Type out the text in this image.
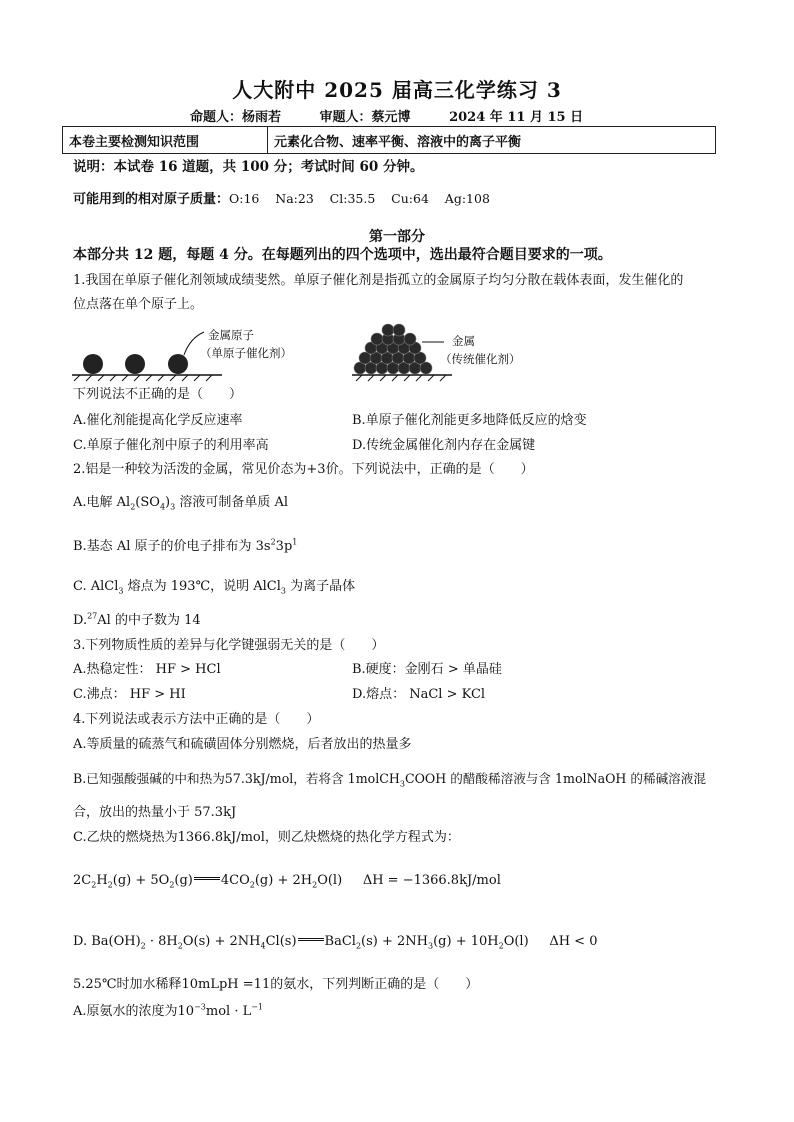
人大附中 2025 届高三化学练习 3
命题人：杨雨若	审题人：蔡元博	2024 年 11 月 15 日
本卷主要检测知识范围	元素化合物、速率平衡、溶液中的离子平衡
说明：本试卷 16 道题，共 100 分；考试时间 60 分钟。
可能用到的相对原子质量：O:16    Na:23    Cl:35.5    Cu:64    Ag:108
第一部分
本部分共 12 题，每题 4 分。在每题列出的四个选项中，选出最符合题目要求的一项。
1.我国在单原子催化剂领域成绩斐然。单原子催化剂是指孤立的金属原子均匀分散在载体表面，发生催化的
位点落在单个原子上。
金属原子
（单原子催化剂）
金属
（传统催化剂）
下列说法不正确的是（　　）
A.催化剂能提高化学反应速率	B.单原子催化剂能更多地降低反应的焓变
C.单原子催化剂中原子的利用率高	D.传统金属催化剂内存在金属键
2.铝是一种较为活泼的金属，常见价态为+3价。下列说法中，正确的是（　　）
A.电解 $Al_2(SO_4)_3$ 溶液可制备单质 Al
B.基态 Al 原子的价电子排布为 $3s^23p^1$
C. AlCl$_3$ 熔点为 193℃，说明 AlCl$_3$ 为离子晶体
D.$^{27}$Al 的中子数为 14
3.下列物质性质的差异与化学键强弱无关的是（　　）
A.热稳定性： HF > HCl	B.硬度：金刚石 > 单晶硅
C.沸点： HF > HI	D.熔点： NaCl > KCl
4.下列说法或表示方法中正确的是（　　）
A.等质量的硫蒸气和硫磺固体分别燃烧，后者放出的热量多
B.已知强酸强碱的中和热为57.3kJ/mol，若将含 1molCH$_3$COOH 的醋酸稀溶液与含 1molNaOH 的稀碱溶液混
合，放出的热量小于 57.3kJ
C.乙炔的燃烧热为1366.8kJ/mol，则乙炔燃烧的热化学方程式为：
$2C_2H_2(g) + 5O_2(g) 4CO_2(g) + 2H_2O(l)$     ΔH = −1366.8kJ/mol
D. $Ba(OH)_2 \cdot 8H_2O(s) + 2NH_4Cl(s)$ BaCl$_2$(s) + $2NH_3(g) + 10H_2O(l)$     ΔH < 0
5.25℃时加水稀释10mLpH =11的氨水，下列判断正确的是（　　）
A.原氨水的浓度为$10^{-3}mol \cdot L^{-1}$
